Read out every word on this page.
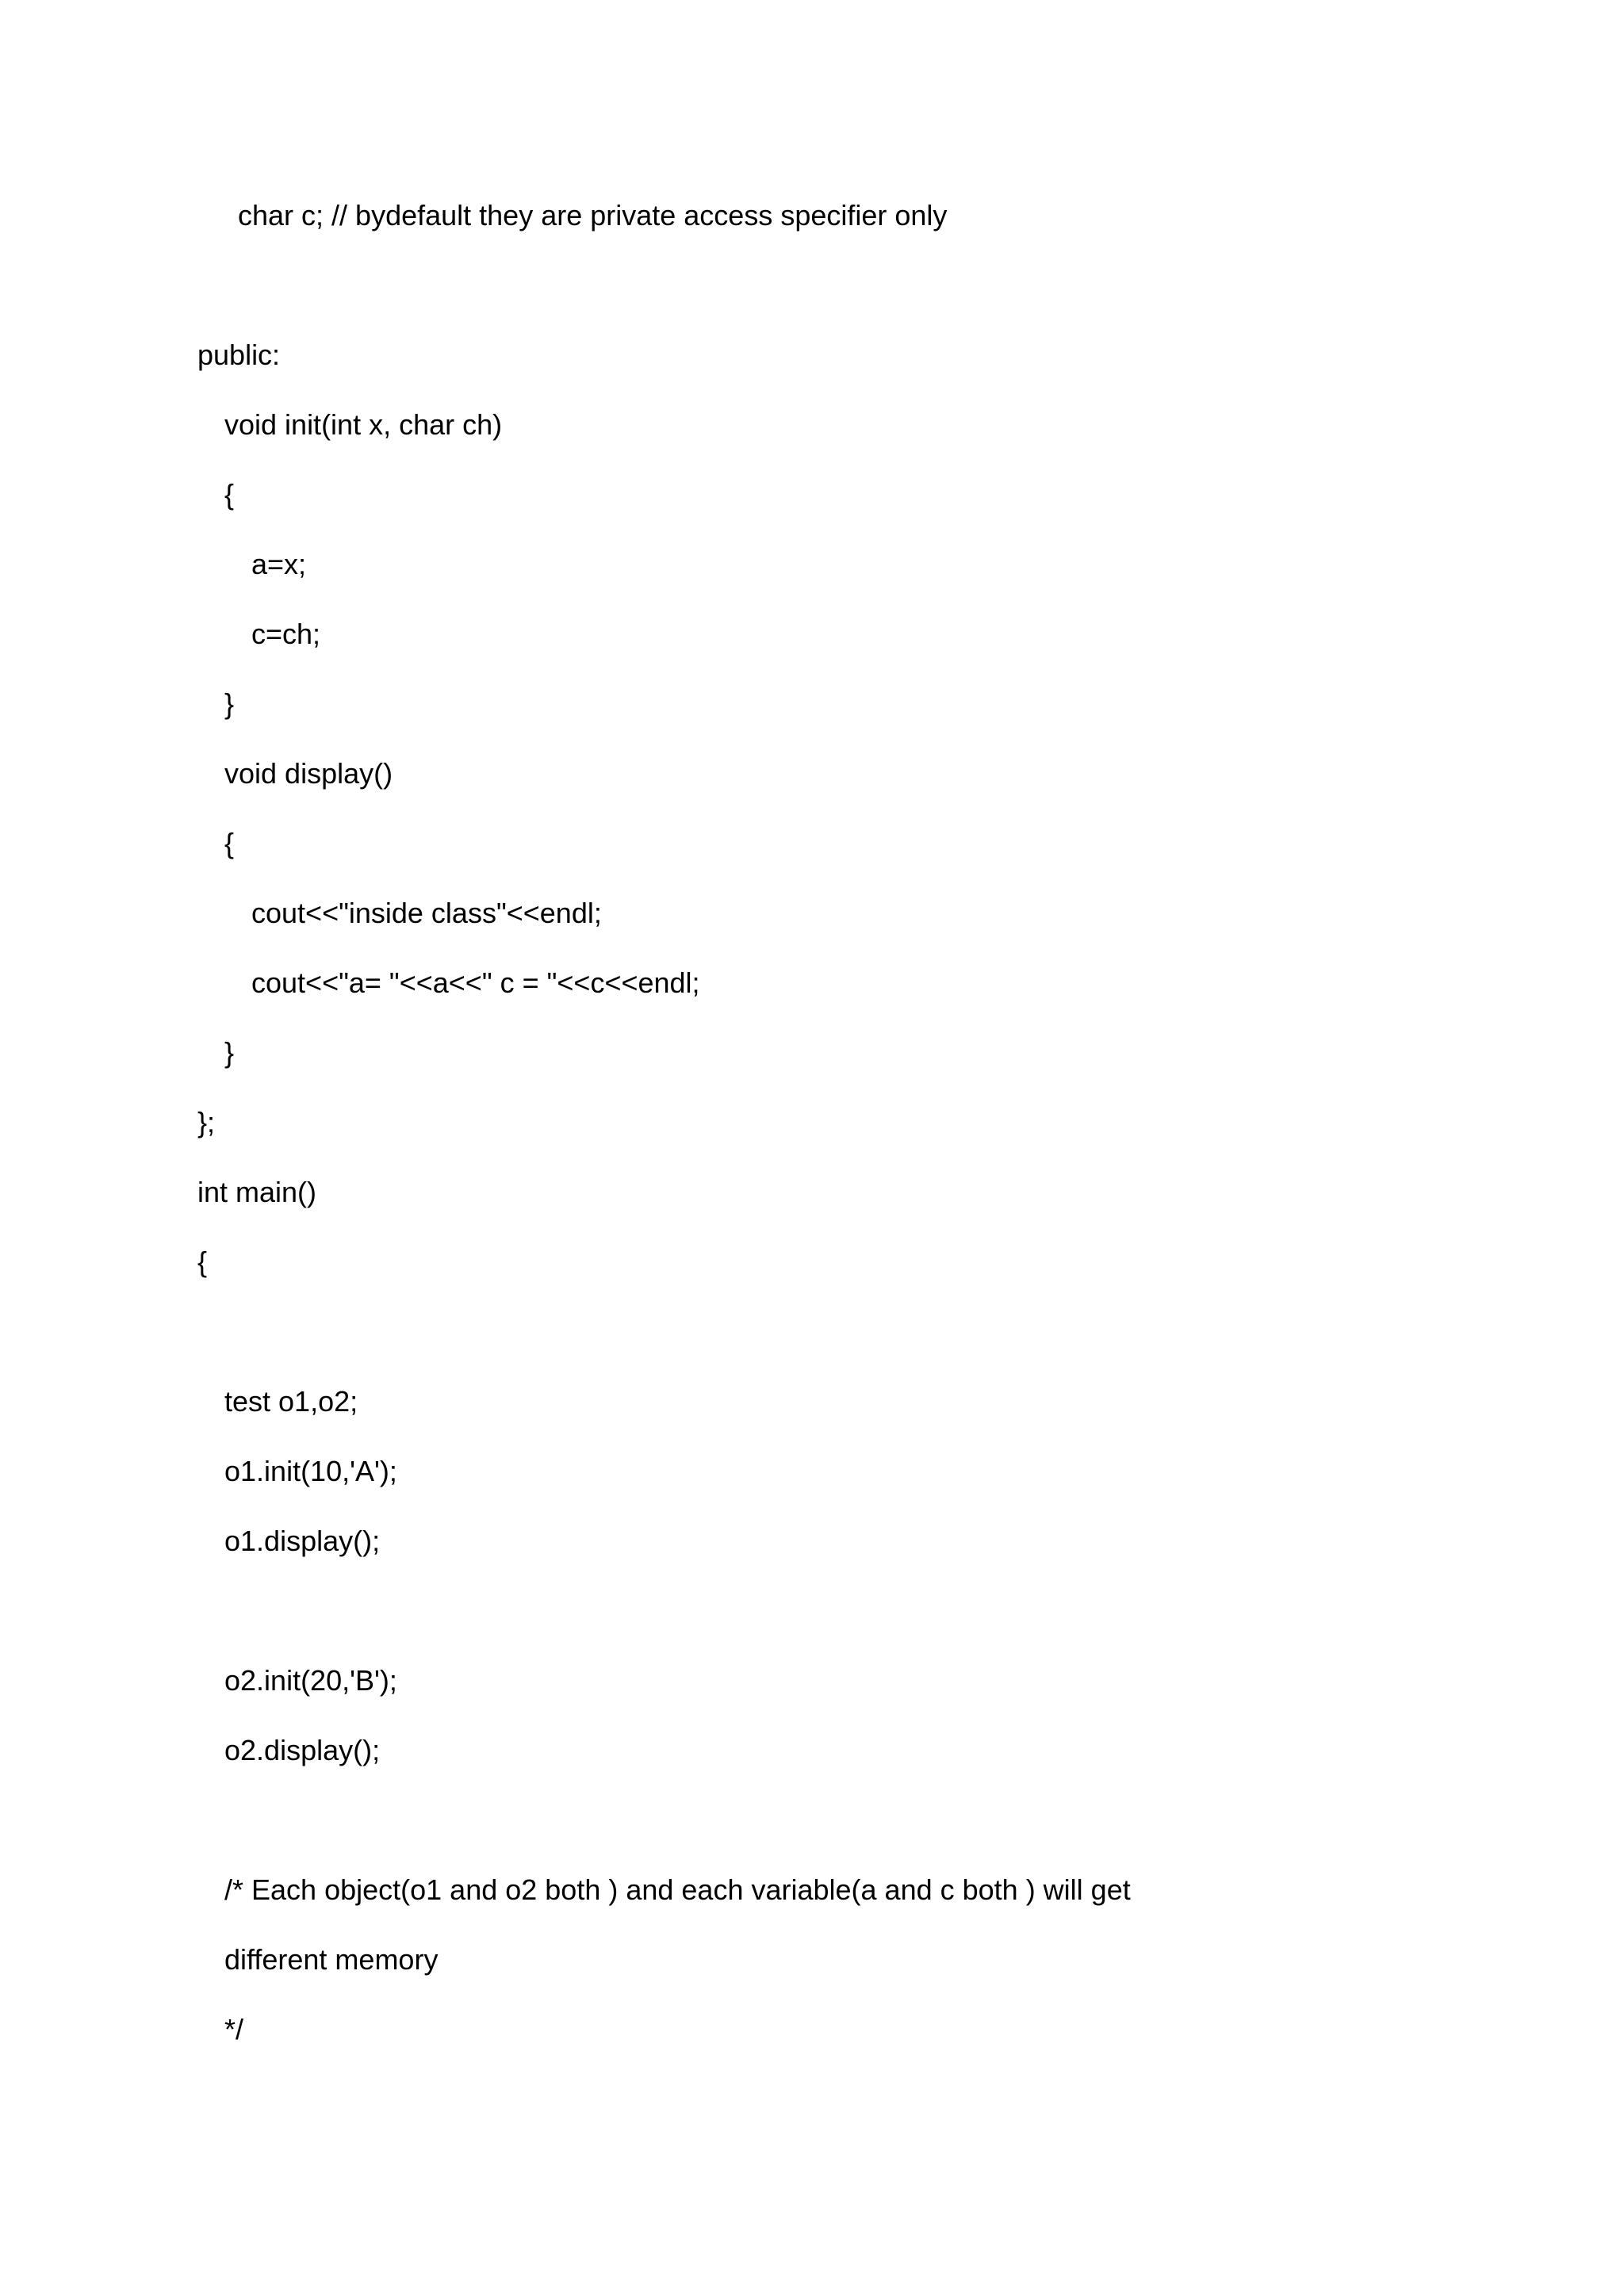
char c; // bydefault they are private access specifier only
public:
void init(int x, char ch)
{
a=x;
c=ch;
}
void display()
{
cout<<"inside class"<<endl;
cout<<"a= "<<a<<" c = "<<c<<endl;
}
};
int main()
{
test o1,o2;
o1.init(10,'A');
o1.display();
o2.init(20,'B');
o2.display();
/* Each object(o1 and o2 both ) and each variable(a and c both ) will get
different memory
*/
